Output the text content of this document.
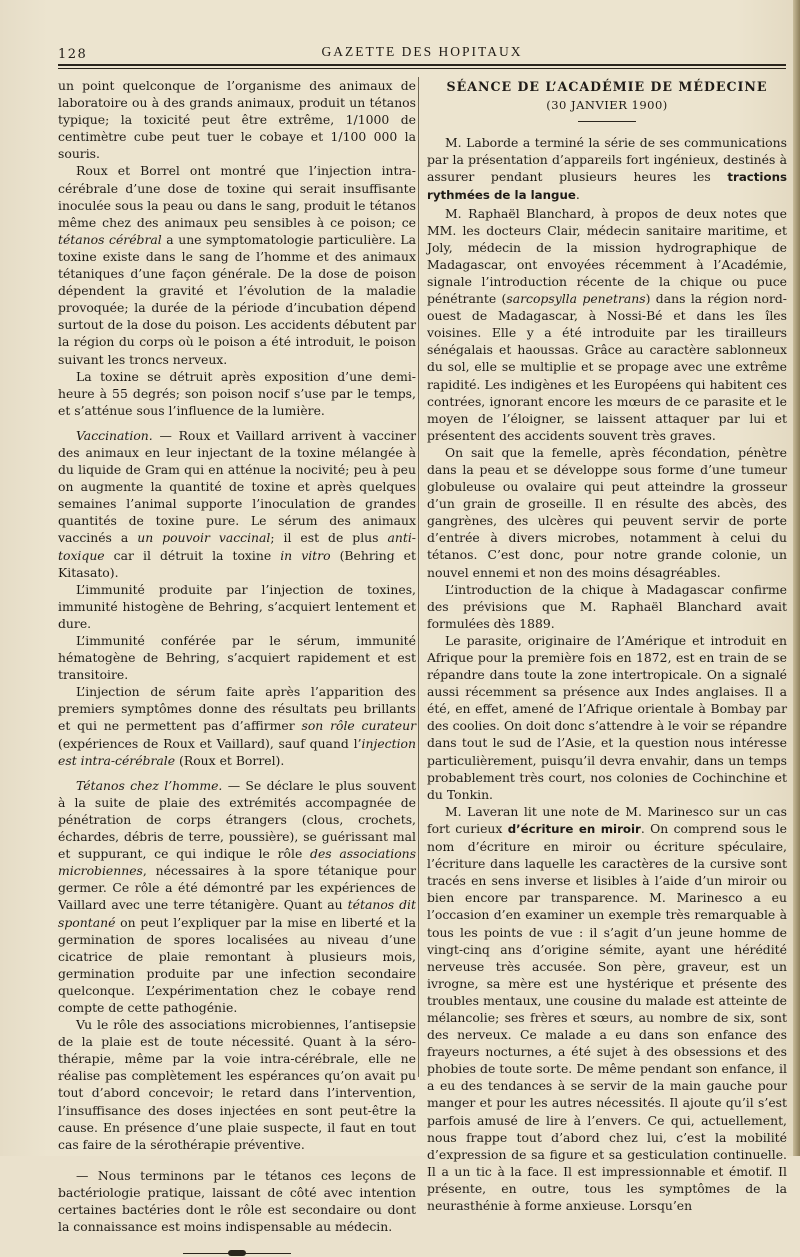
128	GAZETTE DES HOPITAUX

un point quelconque de l’organisme des animaux de laboratoire ou à des grands animaux, produit un tétanos typique; la toxicité peut être extrême, 1/1000 de centimètre cube peut tuer le cobaye et 1/100 000 la souris.

Roux et Borrel ont montré que l’injection intra-cérébrale d’une dose de toxine qui serait insuffisante inoculée sous la peau ou dans le sang, produit le tétanos même chez des animaux peu sensibles à ce poison; ce tétanos cérébral a une symptomatologie particulière. La toxine existe dans le sang de l’homme et des animaux tétaniques d’une façon générale. De la dose de poison dépendent la gravité et l’évolution de la maladie provoquée; la durée de la période d’incubation dépend surtout de la dose du poison. Les accidents débutent par la région du corps où le poison a été introduit, le poison suivant les troncs nerveux.

La toxine se détruit après exposition d’une demi-heure à 55 degrés; son poison nocif s’use par le temps, et s’atténue sous l’influence de la lumière.

Vaccination. — Roux et Vaillard arrivent à vacciner des animaux en leur injectant de la toxine mélangée à du liquide de Gram qui en atténue la nocivité; peu à peu on augmente la quantité de toxine et après quelques semaines l’animal supporte l’inoculation de grandes quantités de toxine pure. Le sérum des animaux vaccinés a un pouvoir vaccinal; il est de plus anti-toxique car il détruit la toxine in vitro (Behring et Kitasato).

L’immunité produite par l’injection de toxines, immunité histogène de Behring, s’acquiert lentement et dure.

L’immunité conférée par le sérum, immunité hématogène de Behring, s’acquiert rapidement et est transitoire.

L’injection de sérum faite après l’apparition des premiers symptômes donne des résultats peu brillants et qui ne permettent pas d’affirmer son rôle curateur (expériences de Roux et Vaillard), sauf quand l’injection est intra-cérébrale (Roux et Borrel).

Tétanos chez l’homme. — Se déclare le plus souvent à la suite de plaie des extrémités accompagnée de pénétration de corps étrangers (clous, crochets, échardes, débris de terre, poussière), se guérissant mal et suppurant, ce qui indique le rôle des associations microbiennes, nécessaires à la spore tétanique pour germer. Ce rôle a été démontré par les expériences de Vaillard avec une terre tétanigère. Quant au tétanos dit spontané on peut l’expliquer par la mise en liberté et la germination de spores localisées au niveau d’une cicatrice de plaie remontant à plusieurs mois, germination produite par une infection secondaire quelconque. L’expérimentation chez le cobaye rend compte de cette pathogénie.

Vu le rôle des associations microbiennes, l’antisepsie de la plaie est de toute nécessité. Quant à la séro-thérapie, même par la voie intra-cérébrale, elle ne réalise pas complètement les espérances qu’on avait pu tout d’abord concevoir; le retard dans l’intervention, l’insuffisance des doses injectées en sont peut-être la cause. En présence d’une plaie suspecte, il faut en tout cas faire de la sérothérapie préventive.

— Nous terminons par le tétanos ces leçons de bactériologie pratique, laissant de côté avec intention certaines bactéries dont le rôle est secondaire ou dont la connaissance est moins indispensable au médecin.

SÉANCE DE L’ACADÉMIE DE MÉDECINE
(30 JANVIER 1900)

M. Laborde a terminé la série de ses communications par la présentation d’appareils fort ingénieux, destinés à assurer pendant plusieurs heures les tractions rythmées de la langue.

M. Raphaël Blanchard, à propos de deux notes que MM. les docteurs Clair, médecin sanitaire maritime, et Joly, médecin de la mission hydrographique de Madagascar, ont envoyées récemment à l’Académie, signale l’introduction récente de la chique ou puce pénétrante (sarcopsylla penetrans) dans la région nord-ouest de Madagascar, à Nossi-Bé et dans les îles voisines. Elle y a été introduite par les tirailleurs sénégalais et haoussas. Grâce au caractère sablonneux du sol, elle se multiplie et se propage avec une extrême rapidité. Les indigènes et les Européens qui habitent ces contrées, ignorant encore les mœurs de ce parasite et le moyen de l’éloigner, se laissent attaquer par lui et présentent des accidents souvent très graves.

On sait que la femelle, après fécondation, pénètre dans la peau et se développe sous forme d’une tumeur globuleuse ou ovalaire qui peut atteindre la grosseur d’un grain de groseille. Il en résulte des abcès, des gangrènes, des ulcères qui peuvent servir de porte d’entrée à divers microbes, notamment à celui du tétanos. C’est donc, pour notre grande colonie, un nouvel ennemi et non des moins désagréables.

L’introduction de la chique à Madagascar confirme des prévisions que M. Raphaël Blanchard avait formulées dès 1889.

Le parasite, originaire de l’Amérique et introduit en Afrique pour la première fois en 1872, est en train de se répandre dans toute la zone intertropicale. On a signalé aussi récemment sa présence aux Indes anglaises. Il a été, en effet, amené de l’Afrique orientale à Bombay par des coolies. On doit donc s’attendre à le voir se répandre dans tout le sud de l’Asie, et la question nous intéresse particulièrement, puisqu’il devra envahir, dans un temps probablement très court, nos colonies de Cochinchine et du Tonkin.

M. Laveran lit une note de M. Marinesco sur un cas fort curieux d’écriture en miroir. On comprend sous le nom d’écriture en miroir ou écriture spéculaire, l’écriture dans laquelle les caractères de la cursive sont tracés en sens inverse et lisibles à l’aide d’un miroir ou bien encore par transparence. M. Marinesco a eu l’occasion d’en examiner un exemple très remarquable à tous les points de vue : il s’agit d’un jeune homme de vingt-cinq ans d’origine sémite, ayant une hérédité nerveuse très accusée. Son père, graveur, est un ivrogne, sa mère est une hystérique et présente des troubles mentaux, une cousine du malade est atteinte de mélancolie; ses frères et sœurs, au nombre de six, sont des nerveux. Ce malade a eu dans son enfance des frayeurs nocturnes, a été sujet à des obsessions et des phobies de toute sorte. De même pendant son enfance, il a eu des tendances à se servir de la main gauche pour manger et pour les autres nécessités. Il ajoute qu’il s’est parfois amusé de lire à l’envers. Ce qui, actuellement, nous frappe tout d’abord chez lui, c’est la mobilité d’expression de sa figure et sa gesticulation continuelle. Il a un tic à la face. Il est impressionnable et émotif. Il présente, en outre, tous les symptômes de la neurasthénie à forme anxieuse. Lorsqu’en
